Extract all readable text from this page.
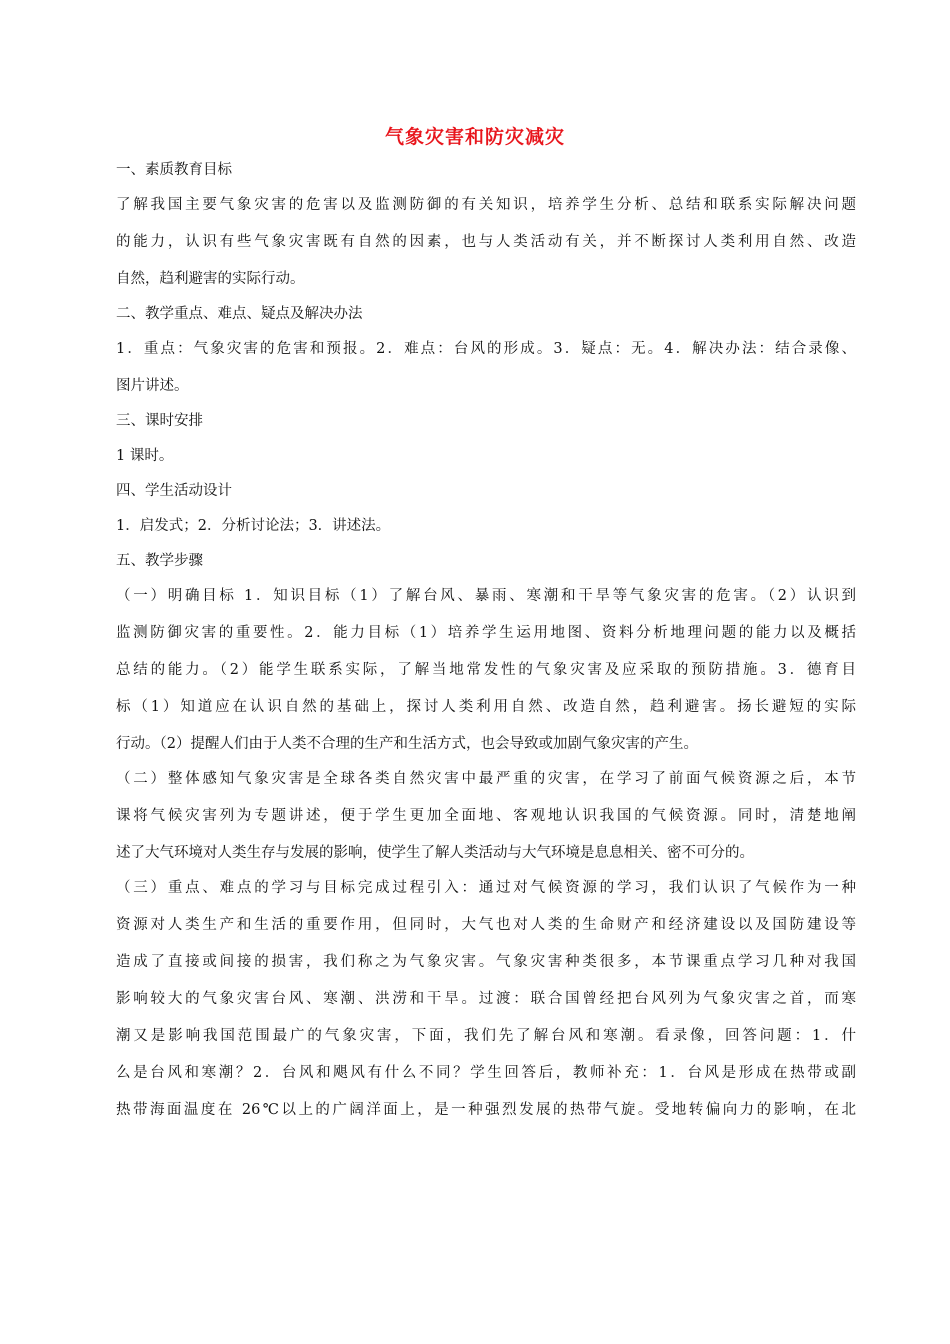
气象灾害和防灾减灾
一、素质教育目标
了解我国主要气象灾害的危害以及监测防御的有关知识，培养学生分析、总结和联系实际解决问题
的能力，认识有些气象灾害既有自然的因素，也与人类活动有关，并不断探讨人类利用自然、改造
自然，趋利避害的实际行动。
二、教学重点、难点、疑点及解决办法
1．重点：气象灾害的危害和预报。2．难点：台风的形成。3．疑点：无。4．解决办法：结合录像、
图片讲述。
三、课时安排
1 课时。
四、学生活动设计
1．启发式；2．分析讨论法；3．讲述法。
五、教学步骤
（一）明确目标 1．知识目标（1）了解台风、暴雨、寒潮和干旱等气象灾害的危害。（2）认识到
监测防御灾害的重要性。2．能力目标（1）培养学生运用地图、资料分析地理问题的能力以及概括
总结的能力。（2）能学生联系实际，了解当地常发性的气象灾害及应采取的预防措施。3．德育目
标（1）知道应在认识自然的基础上，探讨人类利用自然、改造自然，趋利避害。扬长避短的实际
行动。（2）提醒人们由于人类不合理的生产和生活方式，也会导致或加剧气象灾害的产生。
（二）整体感知气象灾害是全球各类自然灾害中最严重的灾害，在学习了前面气候资源之后，本节
课将气候灾害列为专题讲述，便于学生更加全面地、客观地认识我国的气候资源。同时，清楚地阐
述了大气环境对人类生存与发展的影响，使学生了解人类活动与大气环境是息息相关、密不可分的。
（三）重点、难点的学习与目标完成过程引入：通过对气候资源的学习，我们认识了气候作为一种
资源对人类生产和生活的重要作用，但同时，大气也对人类的生命财产和经济建设以及国防建设等
造成了直接或间接的损害，我们称之为气象灾害。气象灾害种类很多，本节课重点学习几种对我国
影响较大的气象灾害台风、寒潮、洪涝和干旱。过渡：联合国曾经把台风列为气象灾害之首，而寒
潮又是影响我国范围最广的气象灾害，下面，我们先了解台风和寒潮。看录像，回答问题：1．什
么是台风和寒潮？2．台风和飓风有什么不同？学生回答后，教师补充：1．台风是形成在热带或副
热带海面温度在 26℃以上的广阔洋面上，是一种强烈发展的热带气旋。受地转偏向力的影响，在北
